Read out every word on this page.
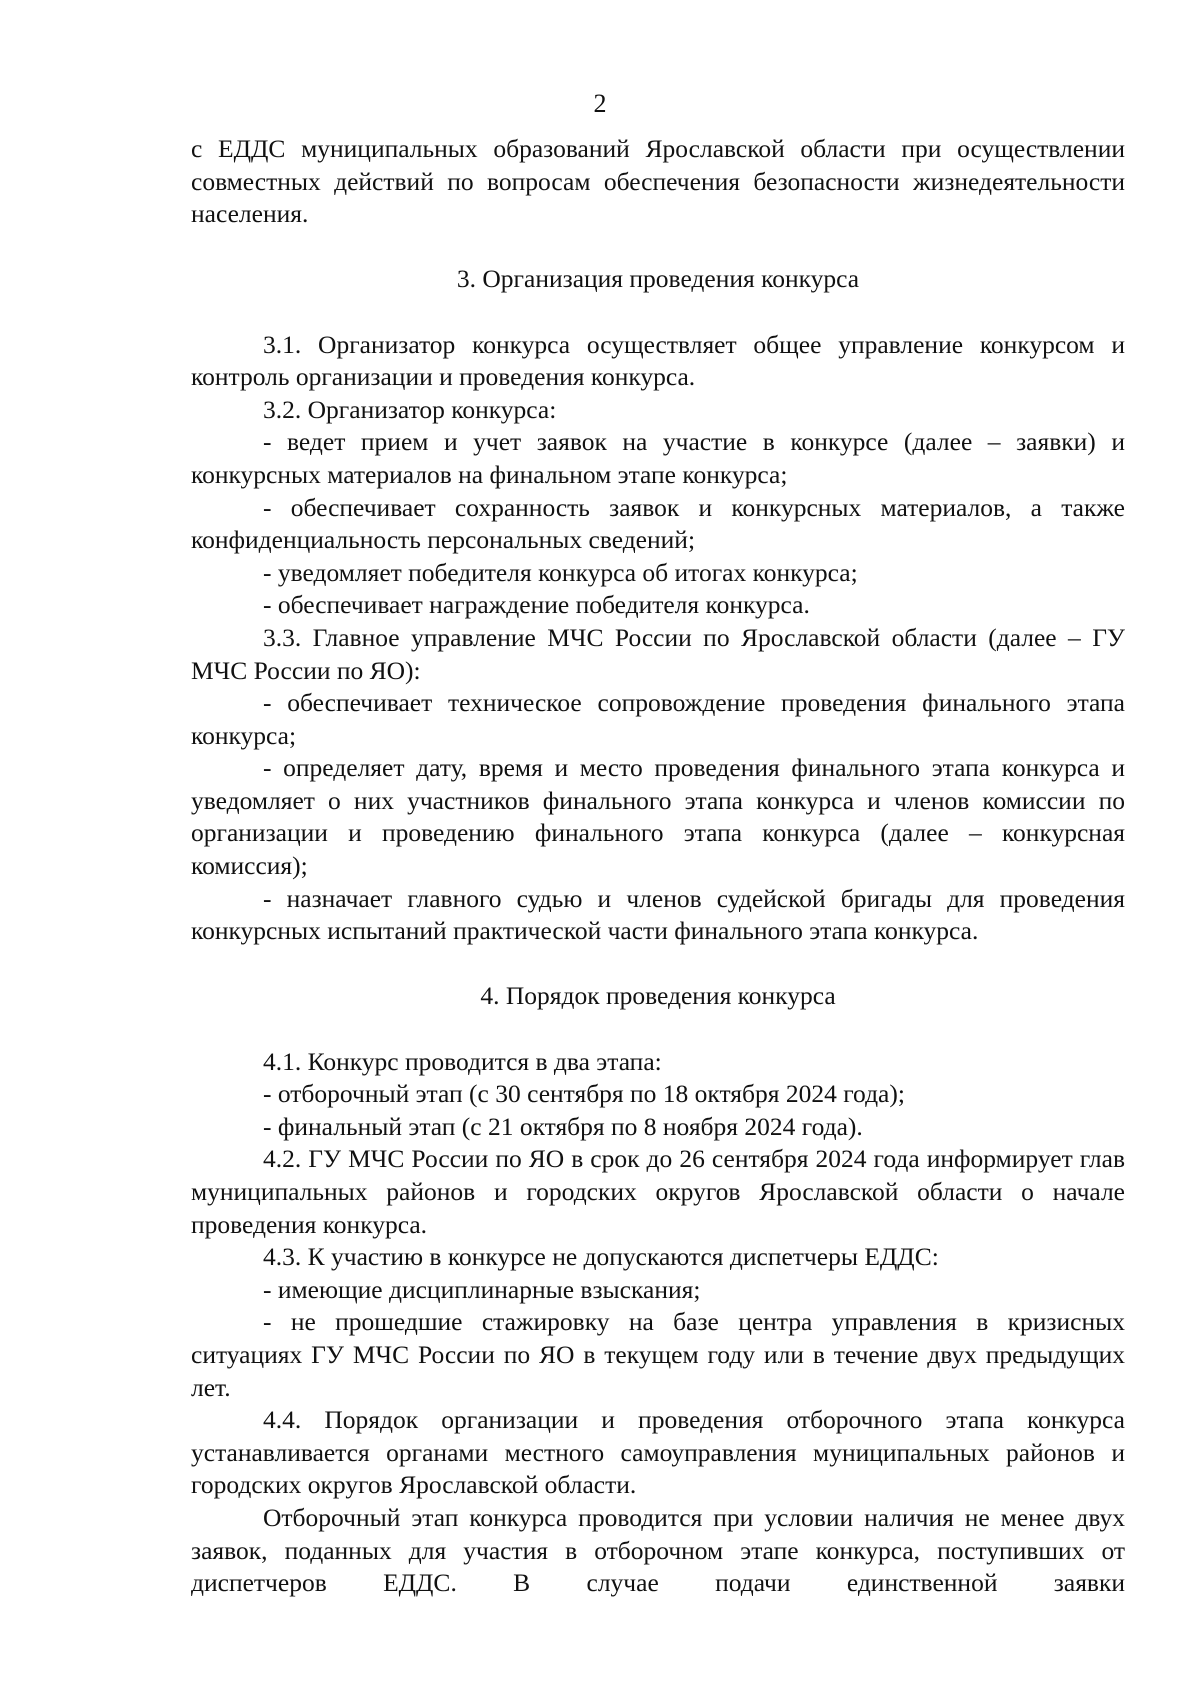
2

с ЕДДС муниципальных образований Ярославской области при осуществлении совместных действий по вопросам обеспечения безопасности жизнедеятельности населения.

3. Организация проведения конкурса

3.1. Организатор конкурса осуществляет общее управление конкурсом и контроль организации и проведения конкурса.

3.2. Организатор конкурса:

- ведет прием и учет заявок на участие в конкурсе (далее – заявки) и конкурсных материалов на финальном этапе конкурса;

- обеспечивает сохранность заявок и конкурсных материалов, а также конфиденциальность персональных сведений;

- уведомляет победителя конкурса об итогах конкурса;

- обеспечивает награждение победителя конкурса.

3.3. Главное управление МЧС России по Ярославской области (далее – ГУ МЧС России по ЯО):

- обеспечивает техническое сопровождение проведения финального этапа конкурса;

- определяет дату, время и место проведения финального этапа конкурса и уведомляет о них участников финального этапа конкурса и членов комиссии по организации и проведению финального этапа конкурса (далее – конкурсная комиссия);

- назначает главного судью и членов судейской бригады для проведения конкурсных испытаний практической части финального этапа конкурса.

4. Порядок проведения конкурса

4.1. Конкурс проводится в два этапа:

- отборочный этап (с 30 сентября по 18 октября 2024 года);

- финальный этап (с 21 октября по 8 ноября 2024 года).

4.2. ГУ МЧС России по ЯО в срок до 26 сентября 2024 года информирует глав муниципальных районов и городских округов Ярославской области о начале проведения конкурса.

4.3. К участию в конкурсе не допускаются диспетчеры ЕДДС:

- имеющие дисциплинарные взыскания;

- не прошедшие стажировку на базе центра управления в кризисных ситуациях ГУ МЧС России по ЯО в текущем году или в течение двух предыдущих лет.

4.4. Порядок организации и проведения отборочного этапа конкурса устанавливается органами местного самоуправления муниципальных районов и городских округов Ярославской области.

Отборочный этап конкурса проводится при условии наличия не менее двух заявок, поданных для участия в отборочном этапе конкурса, поступивших от диспетчеров ЕДДС. В случае подачи единственной заявки
